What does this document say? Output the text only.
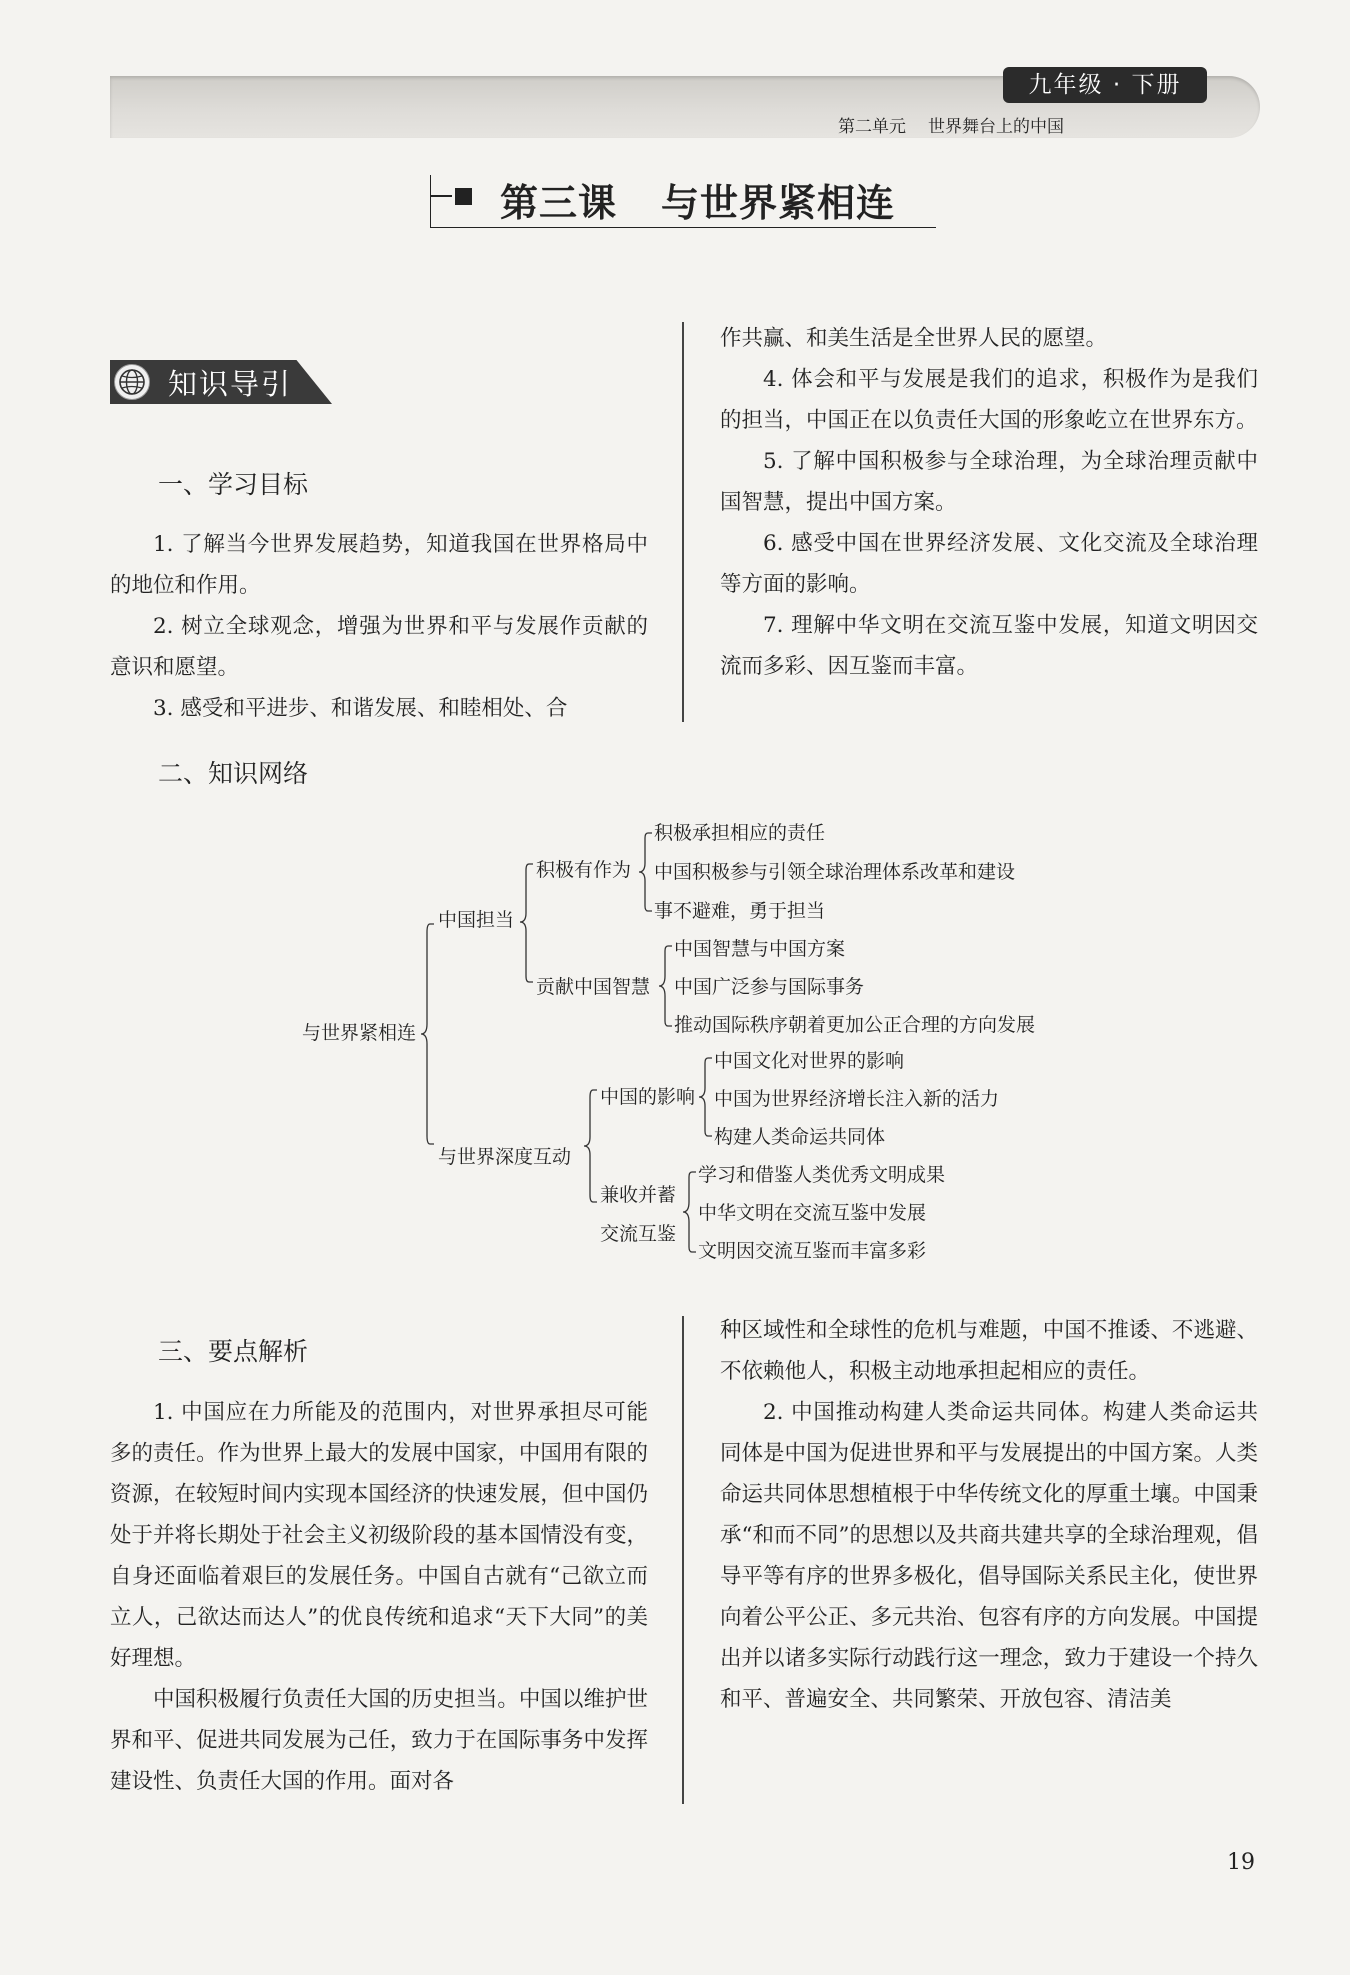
九年级 · 下册
第二单元 世界舞台上的中国
第三课 与世界紧相连
知识导引
一、学习目标

1. 了解当今世界发展趋势，知道我国在世界格局中的地位和作用。

2. 树立全球观念，增强为世界和平与发展作贡献的意识和愿望。

3. 感受和平进步、和谐发展、和睦相处、合

作共赢、和美生活是全世界人民的愿望。

4. 体会和平与发展是我们的追求，积极作为是我们的担当，中国正在以负责任大国的形象屹立在世界东方。

5. 了解中国积极参与全球治理，为全球治理贡献中国智慧，提出中国方案。

6. 感受中国在世界经济发展、文化交流及全球治理等方面的影响。

7. 理解中华文明在交流互鉴中发展，知道文明因交流而多彩、因互鉴而丰富。

二、知识网络
与世界紧相连
中国担当
积极有作为
积极承担相应的责任
中国积极参与引领全球治理体系改革和建设
事不避难，勇于担当
贡献中国智慧
中国智慧与中国方案
中国广泛参与国际事务
推动国际秩序朝着更加公正合理的方向发展
与世界深度互动
中国的影响
中国文化对世界的影响
中国为世界经济增长注入新的活力
构建人类命运共同体
兼收并蓄
交流互鉴
学习和借鉴人类优秀文明成果
中华文明在交流互鉴中发展
文明因交流互鉴而丰富多彩
三、要点解析

1. 中国应在力所能及的范围内，对世界承担尽可能多的责任。作为世界上最大的发展中国家，中国用有限的资源，在较短时间内实现本国经济的快速发展，但中国仍处于并将长期处于社会主义初级阶段的基本国情没有变，自身还面临着艰巨的发展任务。中国自古就有“己欲立而立人，己欲达而达人”的优良传统和追求“天下大同”的美好理想。

中国积极履行负责任大国的历史担当。中国以维护世界和平、促进共同发展为己任，致力于在国际事务中发挥建设性、负责任大国的作用。面对各

种区域性和全球性的危机与难题，中国不推诿、不逃避、不依赖他人，积极主动地承担起相应的责任。

2. 中国推动构建人类命运共同体。构建人类命运共同体是中国为促进世界和平与发展提出的中国方案。人类命运共同体思想植根于中华传统文化的厚重土壤。中国秉承“和而不同”的思想以及共商共建共享的全球治理观，倡导平等有序的世界多极化，倡导国际关系民主化，使世界向着公平公正、多元共治、包容有序的方向发展。中国提出并以诸多实际行动践行这一理念，致力于建设一个持久和平、普遍安全、共同繁荣、开放包容、清洁美

19
